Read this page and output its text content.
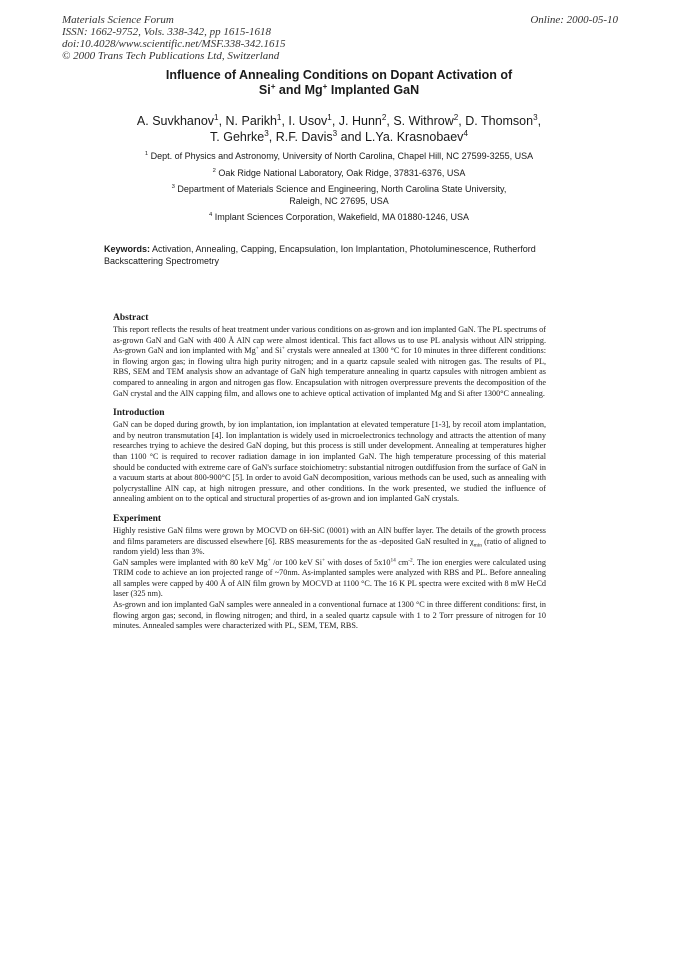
Materials Science Forum
ISSN: 1662-9752, Vols. 338-342, pp 1615-1618
doi:10.4028/www.scientific.net/MSF.338-342.1615
© 2000 Trans Tech Publications Ltd, Switzerland
Online: 2000-05-10
Influence of Annealing Conditions on Dopant Activation of
Si+ and Mg+ Implanted GaN
A. Suvkhanov$^1$, N. Parikh$^1$, I. Usov$^1$, J. Hunn$^2$, S. Withrow$^2$, D. Thomson$^3$,
T. Gehrke$^3$, R.F. Davis$^3$ and L.Ya. Krasnobaev$^4$
$^1$ Dept. of Physics and Astronomy, University of North Carolina, Chapel Hill, NC 27599-3255, USA
$^2$ Oak Ridge National Laboratory, Oak Ridge, 37831-6376, USA
$^3$ Department of Materials Science and Engineering, North Carolina State University,
Raleigh, NC 27695, USA
$^4$ Implant Sciences Corporation, Wakefield, MA 01880-1246, USA
Keywords: Activation, Annealing, Capping, Encapsulation, Ion Implantation, Photoluminescence, Rutherford Backscattering Spectrometry
Abstract

This report reflects the results of heat treatment under various conditions on as-grown and ion implanted GaN. The PL spectrums of as-grown GaN and GaN with 400 Å AlN cap were almost identical. This fact allows us to use PL analysis without AlN stripping. As-grown GaN and ion implanted with Mg+ and Si+ crystals were annealed at 1300 °C for 10 minutes in three different conditions: in flowing argon gas; in flowing ultra high purity nitrogen; and in a quartz capsule sealed with nitrogen gas. The results of PL, RBS, SEM and TEM analysis show an advantage of GaN high temperature annealing in quartz capsules with nitrogen ambient as compared to annealing in argon and nitrogen gas flow. Encapsulation with nitrogen overpressure prevents the decomposition of the GaN crystal and the AlN capping film, and allows one to achieve optical activation of implanted Mg and Si after 1300°C annealing.

Introduction

GaN can be doped during growth, by ion implantation, ion implantation at elevated temperature [1-3], by recoil atom implantation, and by neutron transmutation [4]. Ion implantation is widely used in microelectronics technology and attracts the attention of many researches trying to achieve the desired GaN doping, but this process is still under development. Annealing at temperatures higher than 1100 °C is required to recover radiation damage in ion implanted GaN. The high temperature processing of this material should be conducted with extreme care of GaN's surface stoichiometry: substantial nitrogen outdiffusion from the surface of GaN in a vacuum starts at about 800-900°C [5]. In order to avoid GaN decomposition, various methods can be used, such as annealing with polycrystalline AlN cap, at high nitrogen pressure, and other conditions. In the work presented, we studied the influence of annealing ambient on to the optical and structural properties of as-grown and ion implanted GaN crystals.

Experiment

Highly resistive GaN films were grown by MOCVD on 6H-SiC (0001) with an AlN buffer layer. The details of the growth process and films parameters are discussed elsewhere [6]. RBS measurements for the as -deposited GaN resulted in $\chi_{min}$ (ratio of aligned to random yield) less than 3%.

GaN samples were implanted with 80 keV Mg+ /or 100 keV Si+ with doses of $5x10^{14}$ $cm^{-2}$. The ion energies were calculated using TRIM code to achieve an ion projected range of ~70nm. As-implanted samples were analyzed with RBS and PL. Before annealing all samples were capped by 400 Å of AlN film grown by MOCVD at 1100 °C. The 16 K PL spectra were excited with 8 mW HeCd laser (325 nm).

As-grown and ion implanted GaN samples were annealed in a conventional furnace at 1300 °C in three different conditions: first, in flowing argon gas; second, in flowing nitrogen; and third, in a sealed quartz capsule with 1 to 2 Torr pressure of nitrogen for 10 minutes. Annealed samples were characterized with PL, SEM, TEM, RBS.
